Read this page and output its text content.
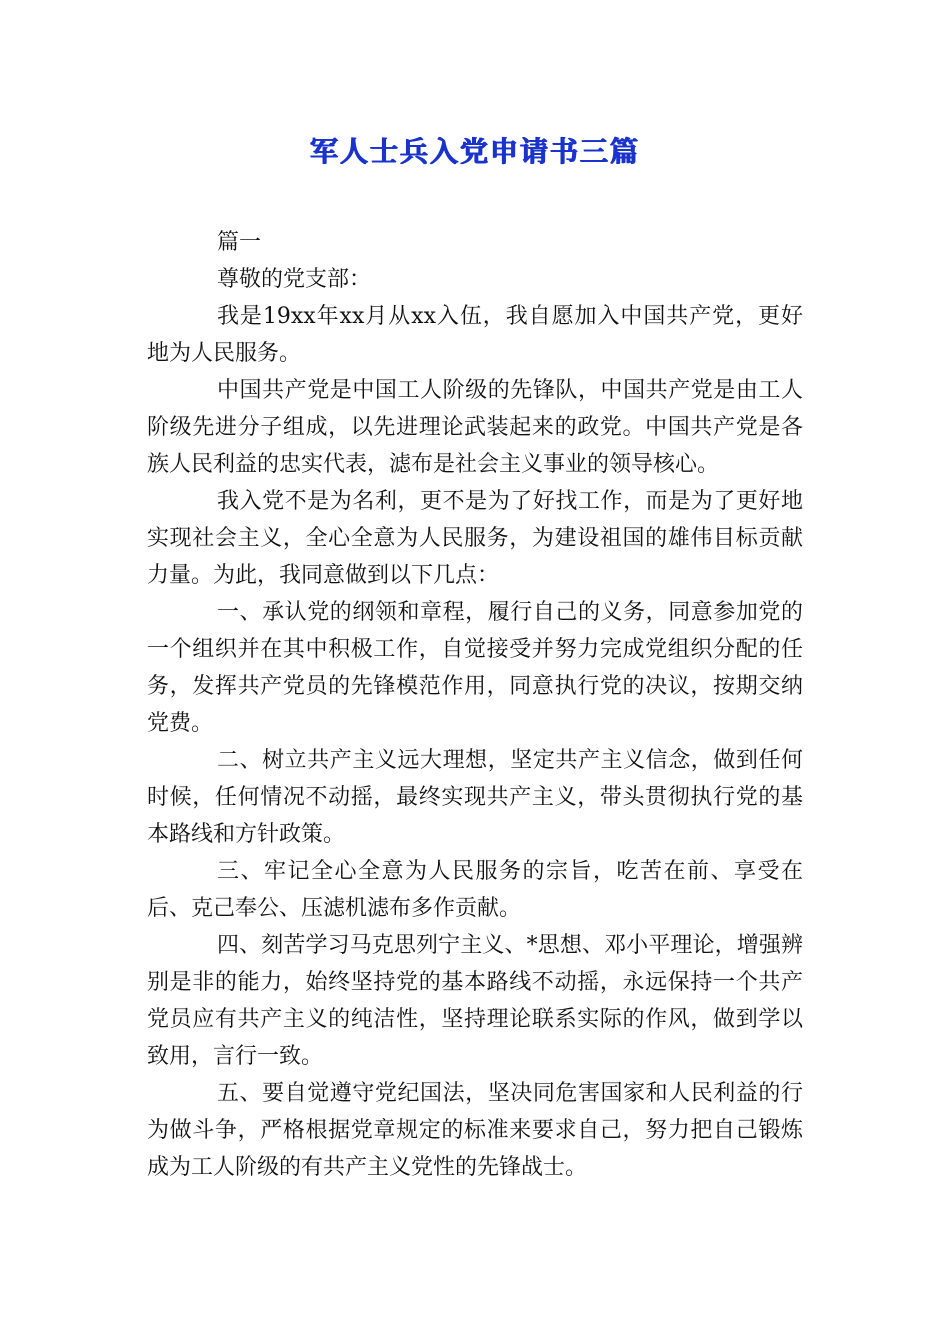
军人士兵入党申请书三篇

篇一

尊敬的党支部：

我是19xx年xx月从xx入伍，我自愿加入中国共产党，更好地为人民服务。

中国共产党是中国工人阶级的先锋队，中国共产党是由工人阶级先进分子组成，以先进理论武装起来的政党。中国共产党是各族人民利益的忠实代表，滤布是社会主义事业的领导核心。

我入党不是为名利，更不是为了好找工作，而是为了更好地实现社会主义，全心全意为人民服务，为建设祖国的雄伟目标贡献力量。为此，我同意做到以下几点：

一、承认党的纲领和章程，履行自己的义务，同意参加党的一个组织并在其中积极工作，自觉接受并努力完成党组织分配的任务，发挥共产党员的先锋模范作用，同意执行党的决议，按期交纳党费。

二、树立共产主义远大理想，坚定共产主义信念，做到任何时候，任何情况不动摇，最终实现共产主义，带头贯彻执行党的基本路线和方针政策。

三、牢记全心全意为人民服务的宗旨，吃苦在前、享受在后、克己奉公、压滤机滤布多作贡献。

四、刻苦学习马克思列宁主义、*思想、邓小平理论，增强辨别是非的能力，始终坚持党的基本路线不动摇，永远保持一个共产党员应有共产主义的纯洁性，坚持理论联系实际的作风，做到学以致用，言行一致。

五、要自觉遵守党纪国法，坚决同危害国家和人民利益的行为做斗争，严格根据党章规定的标准来要求自己，努力把自己锻炼成为工人阶级的有共产主义党性的先锋战士。
